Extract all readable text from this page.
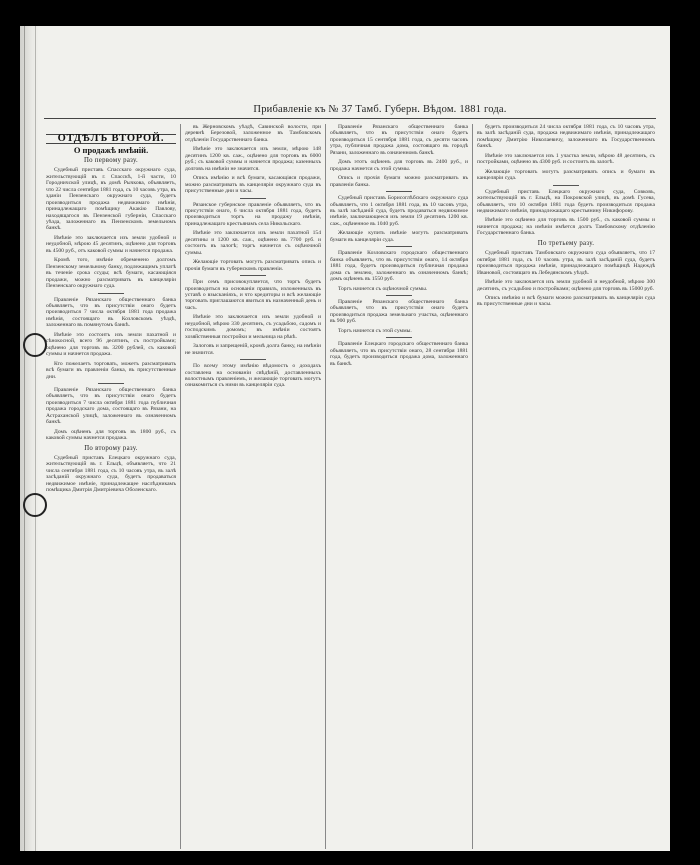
Прибавленіе къ № 37 Тамб. Губерн. Вѣдом. 1881 года.
ОТДѢЛЪ ВТОРОЙ.
О продажѣ имѣній.
По первому разу.

Судебный приставъ Спасскаго окружнаго суда, жительствующій въ г. Спасскѣ, 1-й части, 10 Городничской улицѣ, въ домѣ Рычкова, объявляетъ, что 22 числа сентября 1881 года, съ 10 часовъ утра, въ зданіи Пензенскаго окружнаго суда, будетъ производиться продажа недвижимаго имѣнія, принадлежащаго помѣщику Акакію Павлову, находящагося въ Пензенской губерніи, Спасскаго уѣзда, заложеннаго въ Пензенскомъ земельномъ банкѣ.

Имѣніе это заключается изъ земли удобной и неудобной, мѣрою 45 десятинъ, оцѣнено для торговъ въ 4500 руб., отъ каковой суммы и начнется продажа.

Кромѣ того, имѣніе обременено долгомъ Пензенскому земельному банку, подлежащимъ уплатѣ въ теченіе срока ссуды; всѣ бумаги, касающіяся продажи, можно разсматривать въ канцеляріи Пензенскаго окружнаго суда.

Правленіе Рязанскаго общественнаго банка объявляетъ, что въ присутствіи онаго будетъ производиться 7 числа октября 1881 года продажа имѣнія, состоящаго въ Козловскомъ уѣздѣ, заложеннаго въ помянутомъ банкѣ.

Имѣніе это состоитъ изъ земли пахатной и сѣнокосной, всего 96 десятинъ, съ постройками; оцѣнено для торговъ въ 3200 рублей, съ каковой суммы и начнется продажа.

Кто пожелаетъ торговать, можетъ разсматривать всѣ бумаги въ правленіи банка, въ присутственные дни.

Правленіе Рязанскаго общественнаго банка объявляетъ, что въ присутствіи онаго будетъ производиться 7 числа октября 1881 года публичная продажа городскаго дома, состоящаго въ Рязани, на Астраханской улицѣ, заложеннаго въ означенномъ банкѣ.

Домъ оцѣненъ для торговъ въ 1800 руб., съ каковой суммы начнется продажа.

По второму разу.

Судебный приставъ Елецкаго окружнаго суда, жительствующій въ г. Ельцѣ, объявляетъ, что 21 числа сентября 1881 года, съ 10 часовъ утра, въ залѣ засѣданій окружнаго суда, будетъ продаваться недвижимое имѣніе, принадлежащее наслѣдникамъ помѣщика Дмитрія Дмитріевича Оболенскаго.

въ Жерновскомъ уѣздѣ, Савинской волости, при деревнѣ Березовой, заложенное въ Тамбовскомъ отдѣленіи Государственнаго банка.

Имѣніе это заключается изъ земли, мѣрою 148 десятинъ 1200 кв. саж., оцѣнено для торговъ въ 6000 руб.; съ каковой суммы и начнется продажа; казенныхъ долговъ на имѣніи не значится.

Опись имѣнію и всѣ бумаги, касающіяся продажи, можно разсматривать въ канцеляріи окружнаго суда въ присутственные дни и часы.

Рязанское губернское правленіе объявляетъ, что въ присутствіи онаго, 6 числа октября 1881 года, будетъ производиться торгъ на продажу имѣнія, принадлежащаго крестьянамъ села Никольскаго.

Имѣніе это заключается изъ земли пахатной 154 десятины и 1200 кв. саж., оцѣнено въ 7700 руб. и состоитъ въ залогѣ; торгъ начнется съ оцѣночной суммы.

Желающіе торговать могутъ разсматривать опись и прочія бумаги въ губернскомъ правленіи.

При семъ присовокупляется, что торгъ будетъ производиться на основаніи правилъ, изложенныхъ въ уставѣ о взысканіяхъ, и что кредиторы и всѣ желающіе торговать приглашаются явиться въ назначенный день и часъ.

Имѣніе это заключается изъ земли удобной и неудобной, мѣрою 330 десятинъ, съ усадьбою, садомъ и господскимъ домомъ; въ имѣніи состоятъ хозяйственныя постройки и мельница на рѣкѣ.

Залоговъ и запрещеній, кромѣ долга банку, на имѣніи не значится.

По всему этому имѣнію вѣдомость о доходахъ составлена на основаніи свѣдѣній, доставленныхъ волостнымъ правленіемъ, и желающіе торговать могутъ ознакомиться съ ними въ канцеляріи суда.

Правленіе Рязанскаго общественнаго банка объявляетъ, что въ присутствіи онаго будетъ производиться 15 сентября 1881 года, съ десяти часовъ утра, публичная продажа дома, состоящаго въ городѣ Рязани, заложеннаго въ означенномъ банкѣ.

Домъ этотъ оцѣненъ для торговъ въ 2400 руб., и продажа начнется съ этой суммы.

Опись и прочія бумаги можно разсматривать въ правленіи банка.

Судебный приставъ Борисоглѣбскаго окружнаго суда объявляетъ, что 1 октября 1881 года, въ 10 часовъ утра, въ залѣ засѣданій суда, будетъ продаваться недвижимое имѣніе, заключающееся изъ земли 19 десятинъ 1200 кв. саж., оцѣненное въ 1040 руб.

Желающіе купить имѣніе могутъ разсматривать бумаги въ канцеляріи суда.

Правленіе Козловскаго городскаго общественнаго банка объявляетъ, что въ присутствіи онаго, 14 октября 1881 года, будетъ производиться публичная продажа дома съ землею, заложеннаго въ означенномъ банкѣ; домъ оцѣненъ въ 1550 руб.

Торгъ начнется съ оцѣночной суммы.

Правленіе Рязанскаго общественнаго банка объявляетъ, что въ присутствіи онаго будетъ производиться продажа земельнаго участка, оцѣненнаго въ 900 руб.

Торгъ начнется съ этой суммы.

Правленіе Елецкаго городскаго общественнаго банка объявляетъ, что въ присутствіи онаго, 28 сентября 1881 года, будетъ производиться продажа дома, заложеннаго въ банкѣ.

будетъ производиться 24 числа октября 1881 года, съ 10 часовъ утра, въ залѣ засѣданій суда, продажа недвижимаго имѣнія, принадлежащаго помѣщику Дмитрію Николаевичу, заложеннаго въ Государственномъ банкѣ.

Имѣніе это заключается изъ 1 участка земли, мѣрою 48 десятинъ, съ постройками, оцѣнено въ 4300 руб. и состоитъ въ залогѣ.

Желающіе торговать могутъ разсматривать опись и бумаги въ канцеляріи суда.

Судебный приставъ Елецкаго окружнаго суда, Совковъ, жительствующій въ г. Ельцѣ, на Покровской улицѣ, въ домѣ Гусева, объявляетъ, что 10 октября 1881 года будетъ производиться продажа недвижимаго имѣнія, принадлежащаго крестьянину Никифорову.

Имѣніе это оцѣнено для торговъ въ 1500 руб., съ каковой суммы и начнется продажа; на имѣніи имѣется долгъ Тамбовскому отдѣленію Государственнаго банка.

По третьему разу.

Судебный приставъ Тамбовскаго окружнаго суда объявляетъ, что 17 октября 1881 года, съ 10 часовъ утра, въ залѣ засѣданій суда, будетъ производиться продажа имѣнія, принадлежащаго помѣщицѣ Надеждѣ Ивановой, состоящаго въ Лебедянскомъ уѣздѣ.

Имѣніе это заключается изъ земли удобной и неудобной, мѣрою 300 десятинъ, съ усадьбою и постройками; оцѣнено для торговъ въ 15000 руб.

Опись имѣнію и всѣ бумаги можно разсматривать въ канцеляріи суда въ присутственные дни и часы.
